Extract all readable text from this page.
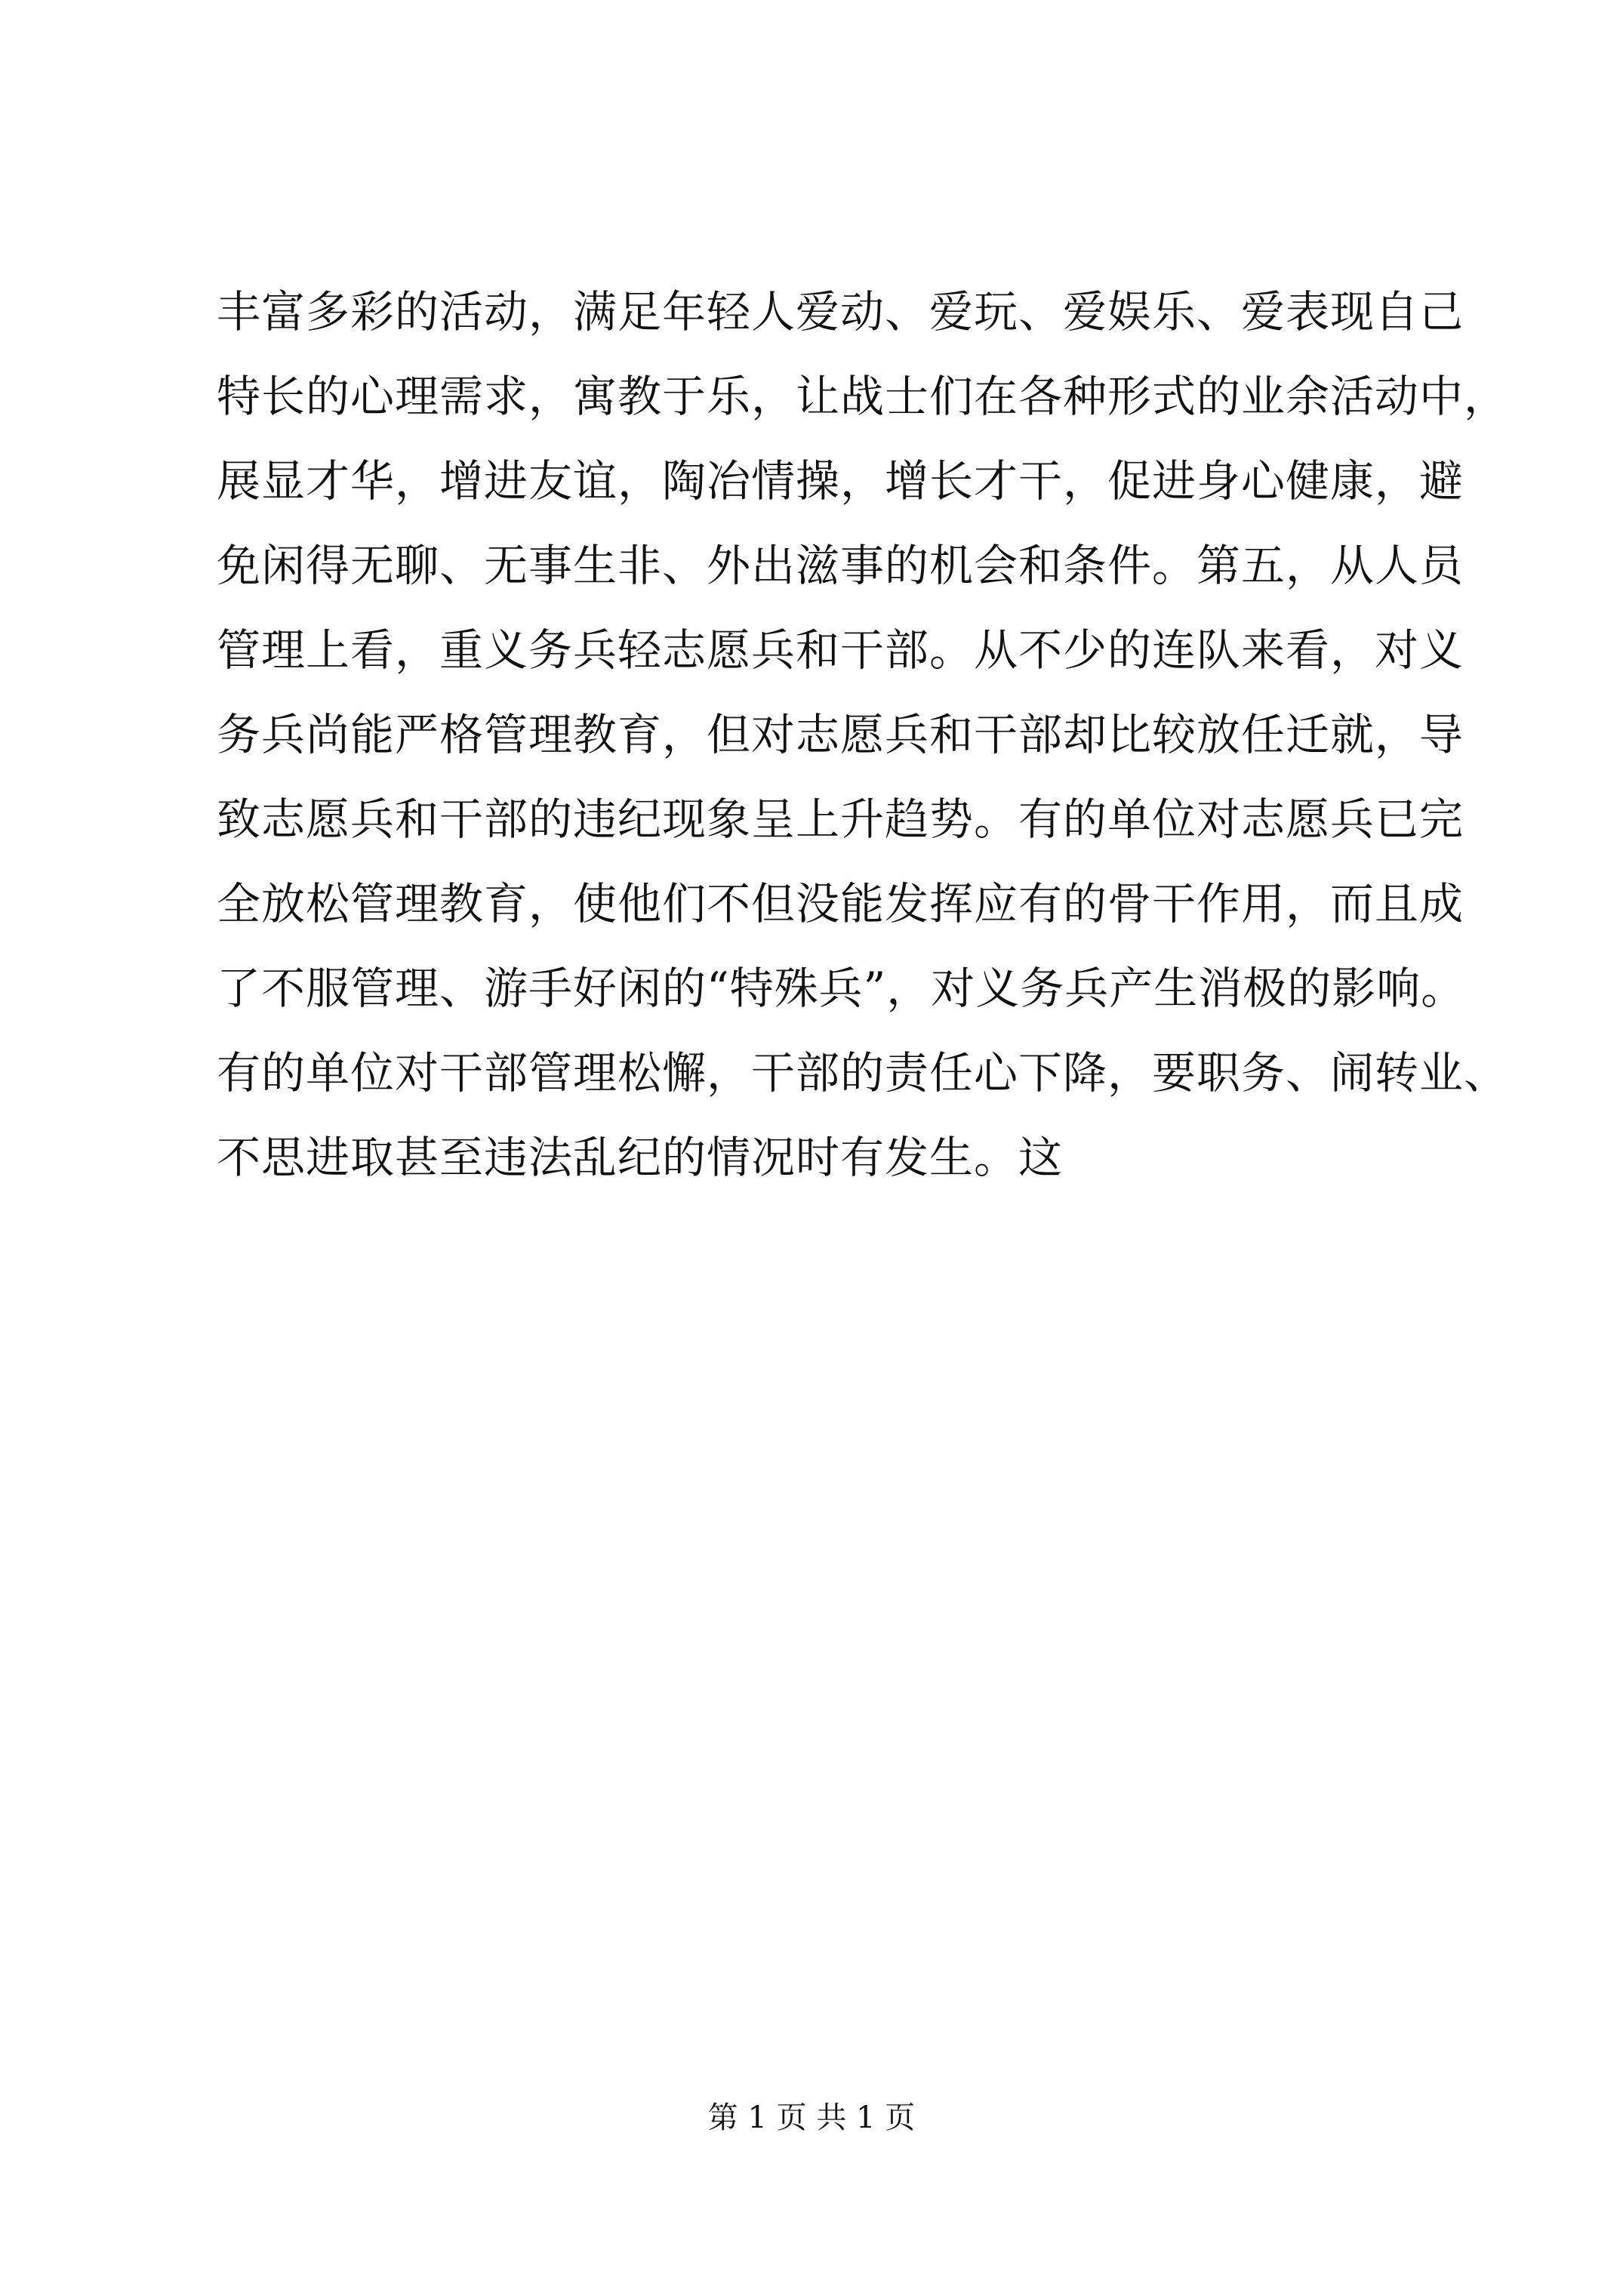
丰富多彩的活动，满足年轻人爱动、爱玩、爱娱乐、爱表现自己
特长的心理需求，寓教于乐，让战士们在各种形式的业余活动中，
展显才华，增进友谊，陶冶情操，增长才干，促进身心健康，避
免闲得无聊、无事生非、外出滋事的机会和条件。第五，从人员
管理上看，重义务兵轻志愿兵和干部。从不少的连队来看，对义
务兵尚能严格管理教育，但对志愿兵和干部却比较放任迁就，导
致志愿兵和干部的违纪现象呈上升趋势。有的单位对志愿兵已完
全放松管理教育，使他们不但没能发挥应有的骨干作用，而且成
了不服管理、游手好闲的“特殊兵”，对义务兵产生消极的影响。
有的单位对干部管理松懈，干部的责任心下降，要职务、闹转业、
不思进取甚至违法乱纪的情况时有发生。这
第 1 页 共 1 页
